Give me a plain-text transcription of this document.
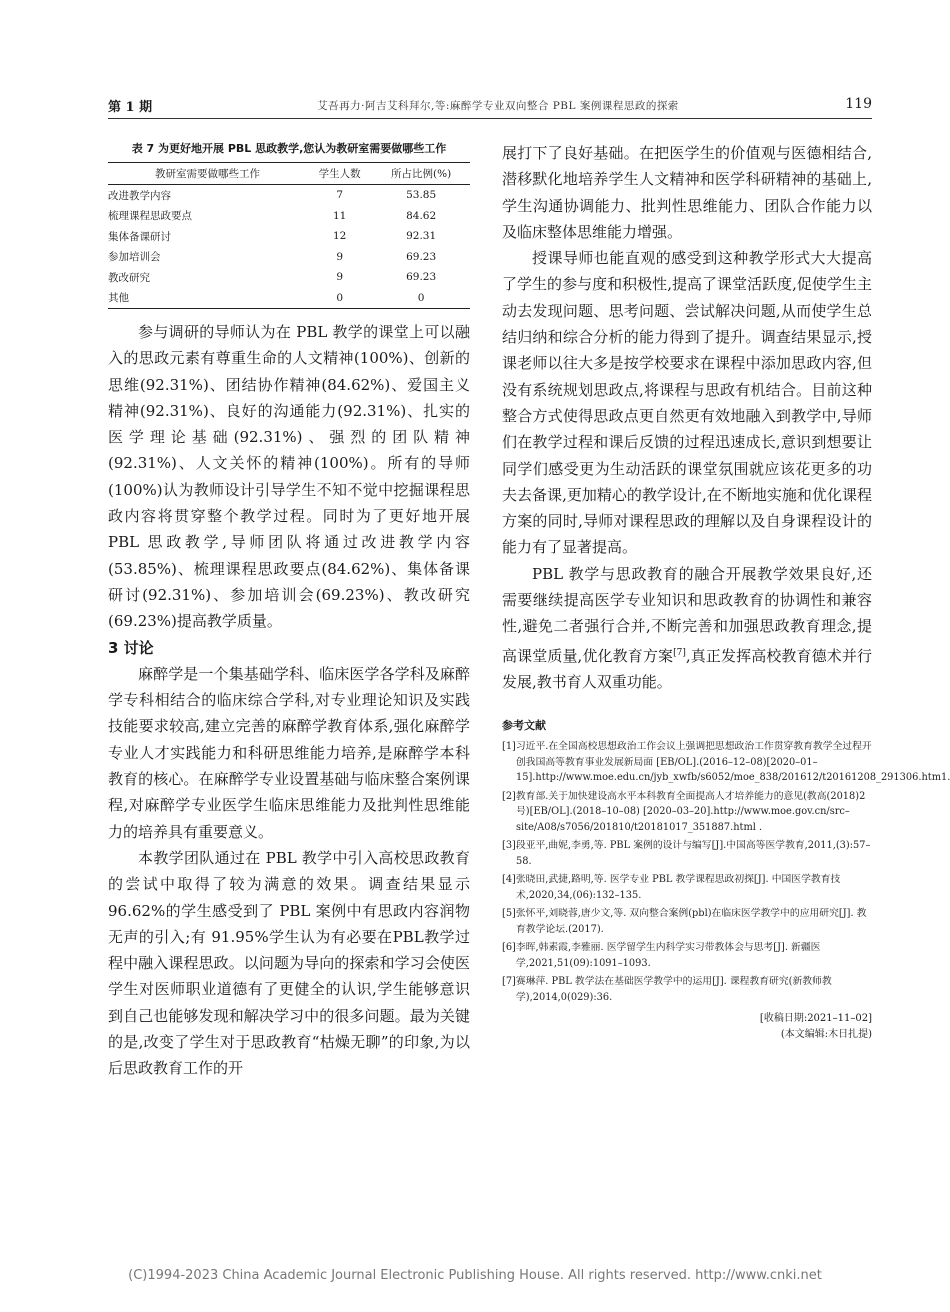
第 1 期	艾吾再力·阿吉艾科拜尔,等:麻醉学专业双向整合 PBL 案例课程思政的探索	119
表 7 为更好地开展 PBL 思政教学,您认为教研室需要做哪些工作
教研室需要做哪些工作	学生人数	所占比例(%)
改进教学内容	7	53.85
梳理课程思政要点	11	84.62
集体备课研讨	12	92.31
参加培训会	9	69.23
教改研究	9	69.23
其他	0	0

参与调研的导师认为在 PBL 教学的课堂上可以融入的思政元素有尊重生命的人文精神(100%)、创新的思维(92.31%)、团结协作精神(84.62%)、爱国主义精神(92.31%)、良好的沟通能力(92.31%)、扎实的医学理论基础(92.31%)、强烈的团队精神(92.31%)、人文关怀的精神(100%)。所有的导师(100%)认为教师设计引导学生不知不觉中挖掘课程思政内容将贯穿整个教学过程。同时为了更好地开展 PBL 思政教学,导师团队将通过改进教学内容(53.85%)、梳理课程思政要点(84.62%)、集体备课研讨(92.31%)、参加培训会(69.23%)、教改研究(69.23%)提高教学质量。

3 讨论

麻醉学是一个集基础学科、临床医学各学科及麻醉学专科相结合的临床综合学科,对专业理论知识及实践技能要求较高,建立完善的麻醉学教育体系,强化麻醉学专业人才实践能力和科研思维能力培养,是麻醉学本科教育的核心。在麻醉学专业设置基础与临床整合案例课程,对麻醉学专业医学生临床思维能力及批判性思维能力的培养具有重要意义。

本教学团队通过在 PBL 教学中引入高校思政教育的尝试中取得了较为满意的效果。调查结果显示 96.62%的学生感受到了 PBL 案例中有思政内容润物无声的引入;有 91.95%学生认为有必要在PBL教学过程中融入课程思政。以问题为导向的探索和学习会使医学生对医师职业道德有了更健全的认识,学生能够意识到自己也能够发现和解决学习中的很多问题。最为关键的是,改变了学生对于思政教育“枯燥无聊”的印象,为以后思政教育工作的开

展打下了良好基础。在把医学生的价值观与医德相结合,潜移默化地培养学生人文精神和医学科研精神的基础上,学生沟通协调能力、批判性思维能力、团队合作能力以及临床整体思维能力增强。

授课导师也能直观的感受到这种教学形式大大提高了学生的参与度和积极性,提高了课堂活跃度,促使学生主动去发现问题、思考问题、尝试解决问题,从而使学生总结归纳和综合分析的能力得到了提升。调查结果显示,授课老师以往大多是按学校要求在课程中添加思政内容,但没有系统规划思政点,将课程与思政有机结合。目前这种整合方式使得思政点更自然更有效地融入到教学中,导师们在教学过程和课后反馈的过程迅速成长,意识到想要让同学们感受更为生动活跃的课堂氛围就应该花更多的功夫去备课,更加精心的教学设计,在不断地实施和优化课程方案的同时,导师对课程思政的理解以及自身课程设计的能力有了显著提高。

PBL 教学与思政教育的融合开展教学效果良好,还需要继续提高医学专业知识和思政教育的协调性和兼容性,避免二者强行合并,不断完善和加强思政教育理念,提高课堂质量,优化教育方案[7],真正发挥高校教育德术并行发展,教书育人双重功能。

参考文献
[1]习近平.在全国高校思想政治工作会议上强调把思想政治工作贯穿教育教学全过程开创我国高等教育事业发展新局面 [EB/OL].(2016–12–08)[2020–01–15].http://www.moe.edu.cn/jyb_xwfb/s6052/moe_838/201612/t20161208_291306.htm1.
[2]教育部.关于加快建设高水平本科教育全面提高人才培养能力的意见(教高(2018)2 号)[EB/OL].(2018–10–08) [2020–03–20].http://www.moe.gov.cn/src–site/A08/s7056/201810/t20181017_351887.html .
[3]段亚平,曲妮,李勇,等. PBL 案例的设计与编写[J].中国高等医学教育,2011,(3):57–58.
[4]张晓田,武捷,路明,等. 医学专业 PBL 教学课程思政初探[J]. 中国医学教育技术,2020,34,(06):132–135.
[5]张怀平,刘晓蓉,唐少文,等. 双向整合案例(pbl)在临床医学教学中的应用研究[J]. 教育教学论坛.(2017).
[6]李晖,韩素霞,李雅丽. 医学留学生内科学实习带教体会与思考[J]. 新疆医学,2021,51(09):1091–1093.
[7]赛琳萍. PBL 教学法在基础医学教学中的运用[J]. 课程教育研究(新教师教学),2014,0(029):36.
[收稿日期:2021–11–02]
(本文编辑:木日扎提)
(C)1994-2023 China Academic Journal Electronic Publishing House. All rights reserved. http://www.cnki.net
